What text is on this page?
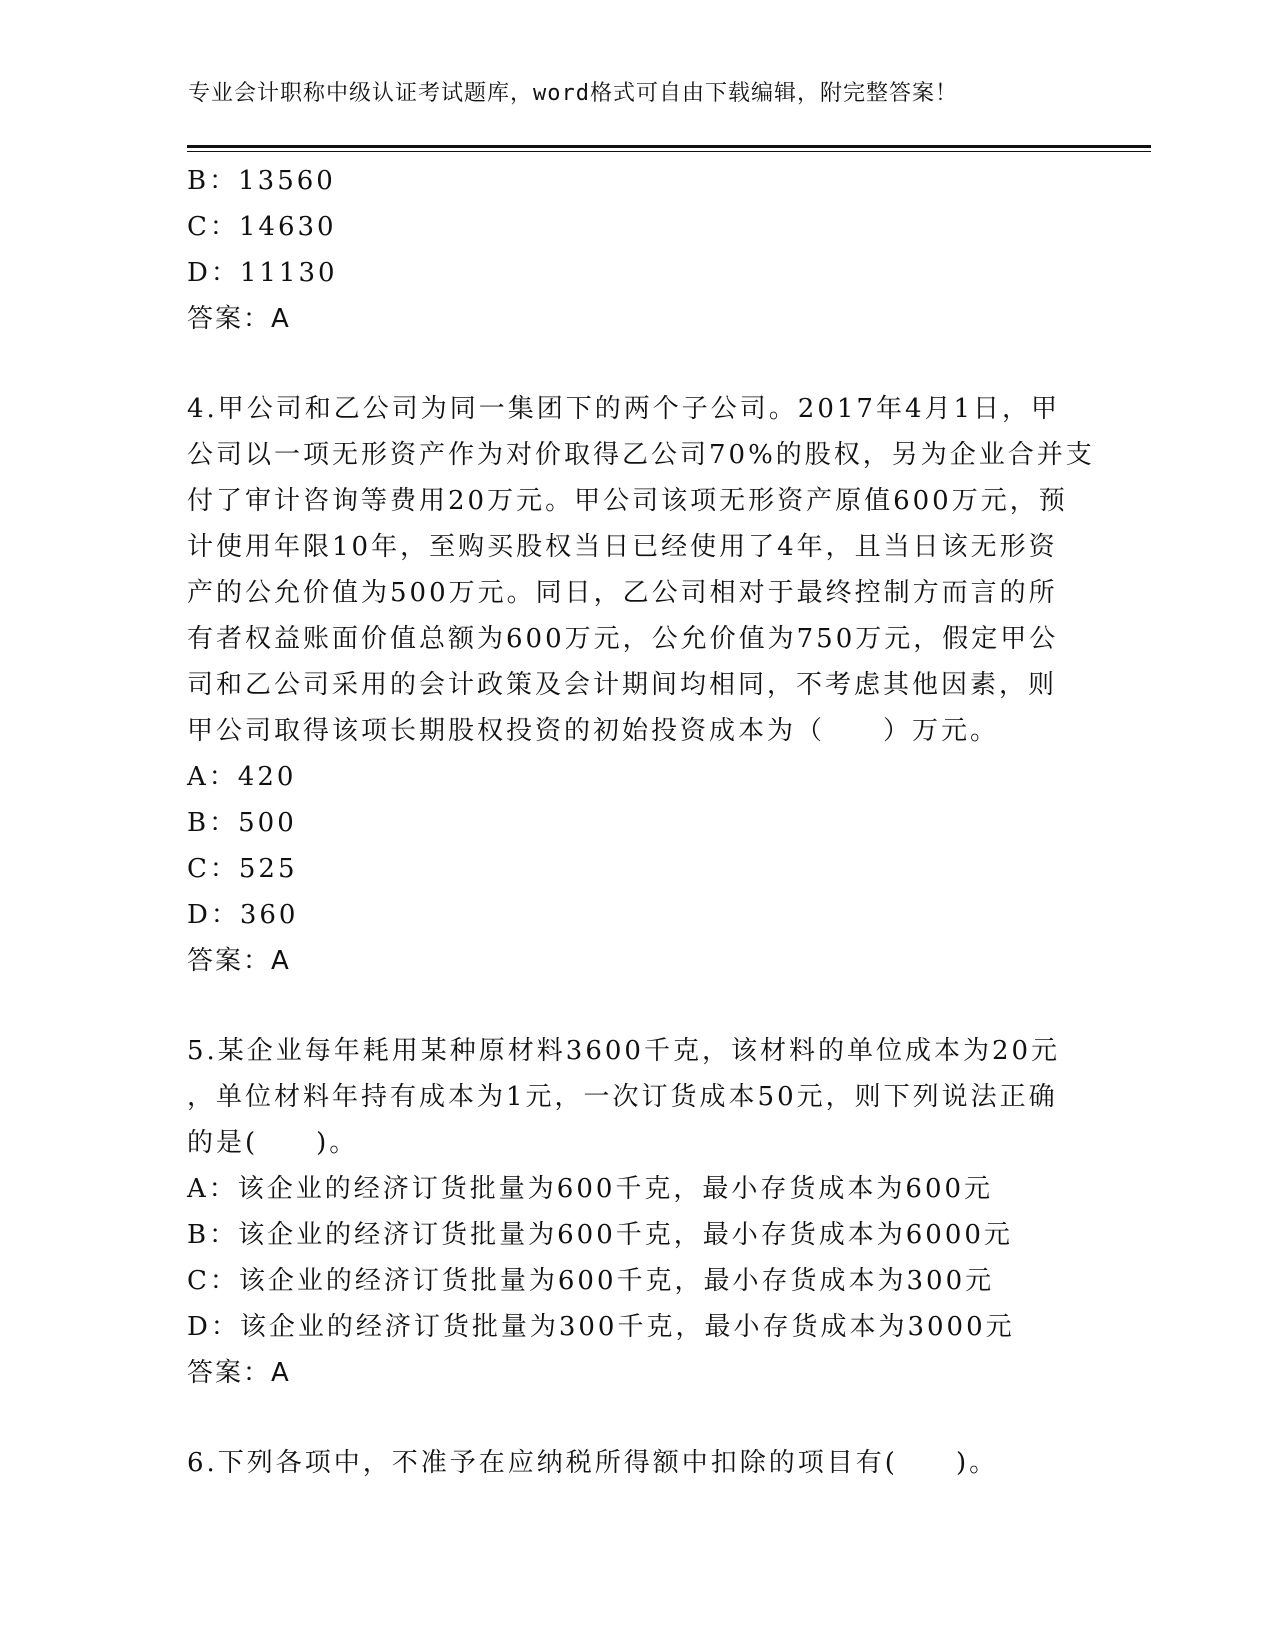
专业会计职称中级认证考试题库，word格式可自由下载编辑，附完整答案！
B：13560
C：14630
D：11130
答案：A
4.甲公司和乙公司为同一集团下的两个子公司。2017年4月1日，甲
公司以一项无形资产作为对价取得乙公司70%的股权，另为企业合并支
付了审计咨询等费用20万元。甲公司该项无形资产原值600万元，预
计使用年限10年，至购买股权当日已经使用了4年，且当日该无形资
产的公允价值为500万元。同日，乙公司相对于最终控制方而言的所
有者权益账面价值总额为600万元，公允价值为750万元，假定甲公
司和乙公司采用的会计政策及会计期间均相同，不考虑其他因素，则
甲公司取得该项长期股权投资的初始投资成本为（　　）万元。
A：420
B：500
C：525
D：360
答案：A
5.某企业每年耗用某种原材料3600千克，该材料的单位成本为20元
，单位材料年持有成本为1元，一次订货成本50元，则下列说法正确
的是(　　)。
A：该企业的经济订货批量为600千克，最小存货成本为600元
B：该企业的经济订货批量为600千克，最小存货成本为6000元
C：该企业的经济订货批量为600千克，最小存货成本为300元
D：该企业的经济订货批量为300千克，最小存货成本为3000元
答案：A
6.下列各项中，不准予在应纳税所得额中扣除的项目有(　　)。
